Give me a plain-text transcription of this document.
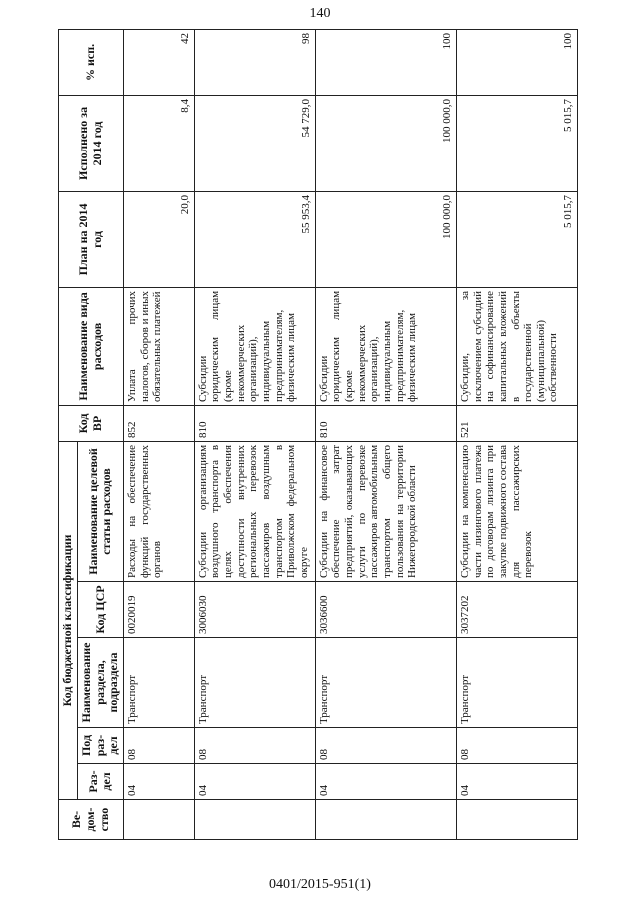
140
Ве-дом-ство	Код бюджетной классификации					Код ВР	Наименование вида расходов	План на 2014 год	Исполнено за 2014 год	% исп.
	Раз-дел	Под раз-дел	Наименование раздела, подраздела	Код ЦСР	Наименование целевой статьи расходов					
	04	08	Транспорт	0020019	Расходы на обеспечение функций государственных органов	852	Уплата прочих налогов, сборов и иных обязательных платежей	20,0	8,4	42
	04	08	Транспорт	3006030	Субсидии организациям воздушного транспорта в целях обеспечения доступности внутренних региональных перевозок пассажиров воздушным транспортом в Приволжском федеральном округе	810	Субсидии юридическим лицам (кроме некоммерческих организаций), индивидуальным предпринимателям, физическим лицам	55 953,4	54 729,0	98
	04	08	Транспорт	3036600	Субсидии на финансовое обеспечение затрат предприятий, оказывающих услуги по перевозке пассажиров автомобильным транспортом общего пользования на территории Нижегородской области	810	Субсидии юридическим лицам (кроме некоммерческих организаций), индивидуальным предпринимателям, физическим лицам	100 000,0	100 000,0	100
	04	08	Транспорт	3037202	Субсидии на компенсацию части лизингового платежа по договорам лизинга при закупке подвижного состава для пассажирских перевозок	521	Субсидии, за исключением субсидий на софинансирование капитальных вложений в объекты государственной (муниципальной) собственности	5 015,7	5 015,7	100
0401/2015-951(1)
